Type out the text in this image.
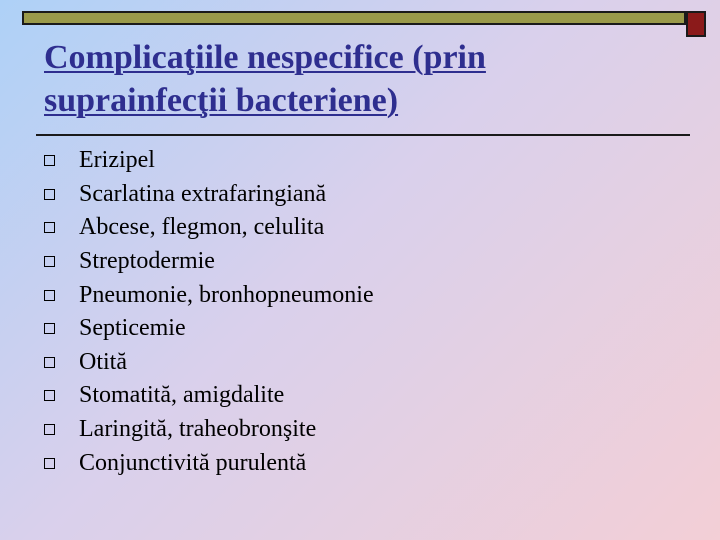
Complicaţiile nespecifice (prin
suprainfecţii bacteriene)
Erizipel
Scarlatina extrafaringiană
Abcese, flegmon, celulita
Streptodermie
Pneumonie, bronhopneumonie
Septicemie
Otită
Stomatită, amigdalite
Laringită, traheobronşite
Conjunctivită purulentă
